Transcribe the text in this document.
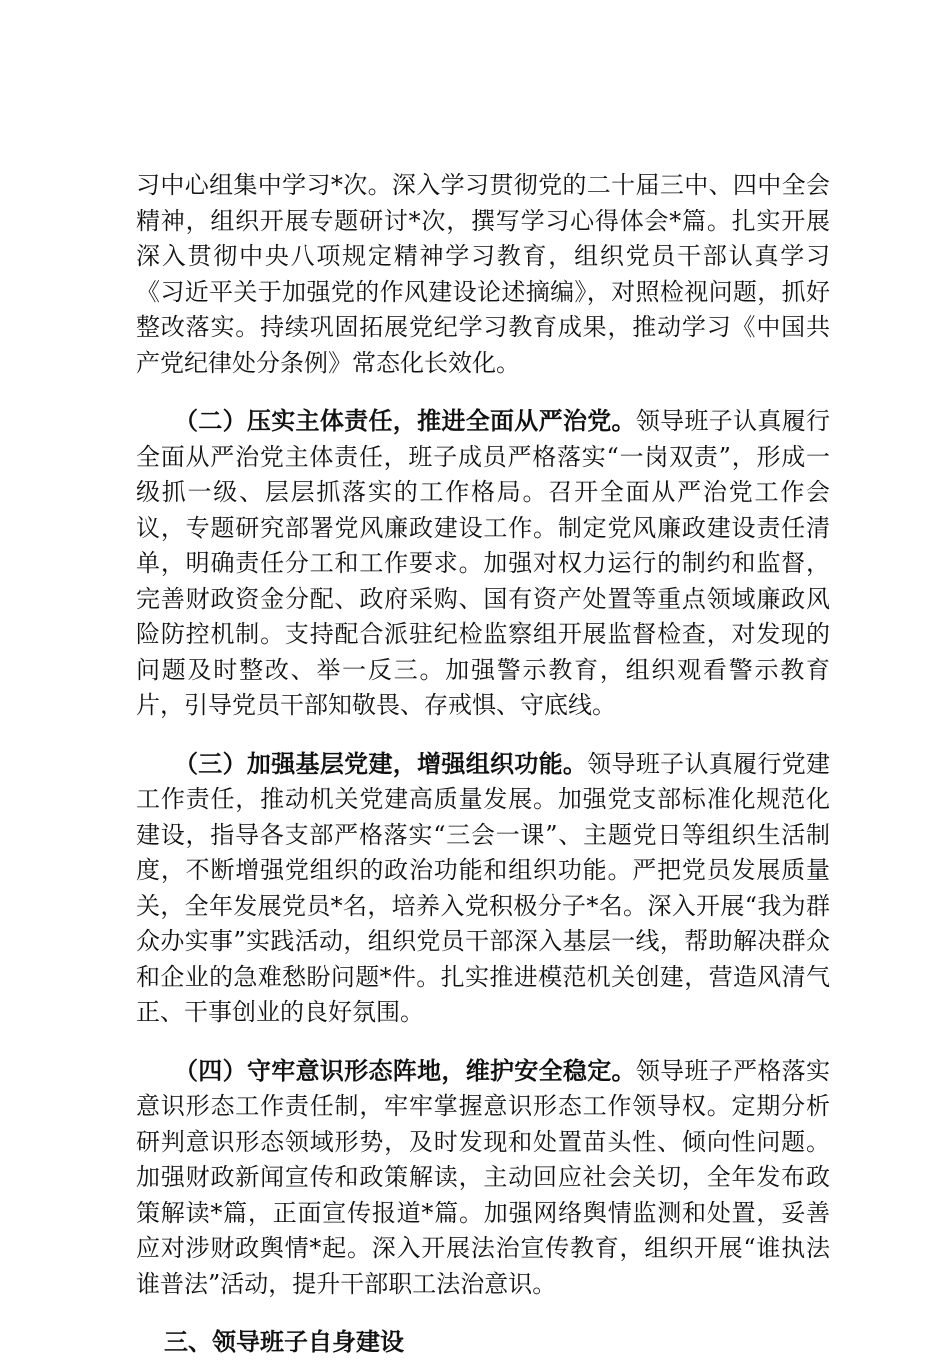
习中心组集中学习*次。深入学习贯彻党的二十届三中、四中全会精神，组织开展专题研讨*次，撰写学习心得体会*篇。扎实开展深入贯彻中央八项规定精神学习教育，组织党员干部认真学习《习近平关于加强党的作风建设论述摘编》，对照检视问题，抓好整改落实。持续巩固拓展党纪学习教育成果，推动学习《中国共产党纪律处分条例》常态化长效化。

（二）压实主体责任，推进全面从严治党。领导班子认真履行全面从严治党主体责任，班子成员严格落实“一岗双责”，形成一级抓一级、层层抓落实的工作格局。召开全面从严治党工作会议，专题研究部署党风廉政建设工作。制定党风廉政建设责任清单，明确责任分工和工作要求。加强对权力运行的制约和监督，完善财政资金分配、政府采购、国有资产处置等重点领域廉政风险防控机制。支持配合派驻纪检监察组开展监督检查，对发现的问题及时整改、举一反三。加强警示教育，组织观看警示教育片，引导党员干部知敬畏、存戒惧、守底线。

（三）加强基层党建，增强组织功能。领导班子认真履行党建工作责任，推动机关党建高质量发展。加强党支部标准化规范化建设，指导各支部严格落实“三会一课”、主题党日等组织生活制度，不断增强党组织的政治功能和组织功能。严把党员发展质量关，全年发展党员*名，培养入党积极分子*名。深入开展“我为群众办实事”实践活动，组织党员干部深入基层一线，帮助解决群众和企业的急难愁盼问题*件。扎实推进模范机关创建，营造风清气正、干事创业的良好氛围。

（四）守牢意识形态阵地，维护安全稳定。领导班子严格落实意识形态工作责任制，牢牢掌握意识形态工作领导权。定期分析研判意识形态领域形势，及时发现和处置苗头性、倾向性问题。加强财政新闻宣传和政策解读，主动回应社会关切，全年发布政策解读*篇，正面宣传报道*篇。加强网络舆情监测和处置，妥善应对涉财政舆情*起。深入开展法治宣传教育，组织开展“谁执法谁普法”活动，提升干部职工法治意识。

三、领导班子自身建设
